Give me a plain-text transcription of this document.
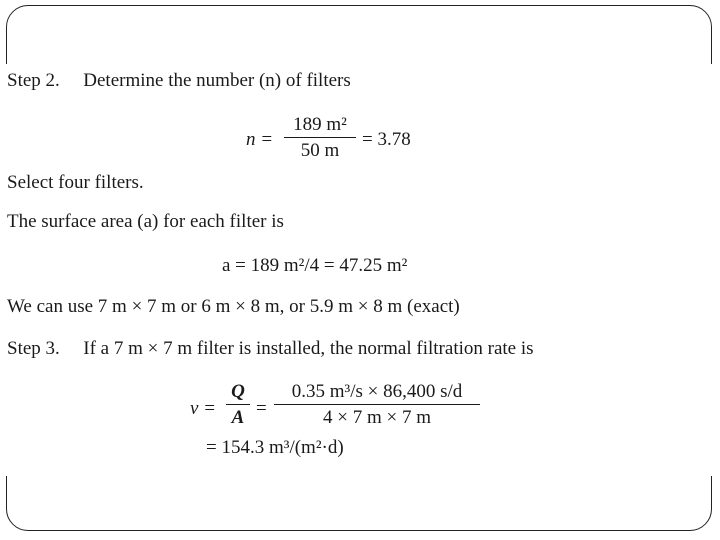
Step 2. Determine the number (n) of filters
n =
189 m²
50 m
= 3.78
Select four filters.
The surface area (a) for each filter is
a = 189 m²/4 = 47.25 m²
We can use 7 m × 7 m or 6 m × 8 m, or 5.9 m × 8 m (exact)
Step 3. If a 7 m × 7 m filter is installed, the normal filtration rate is
v =
Q
A =
0.35 m³/s × 86,400 s/d
4 × 7 m × 7 m
= 154.3 m³/(m²·d)
